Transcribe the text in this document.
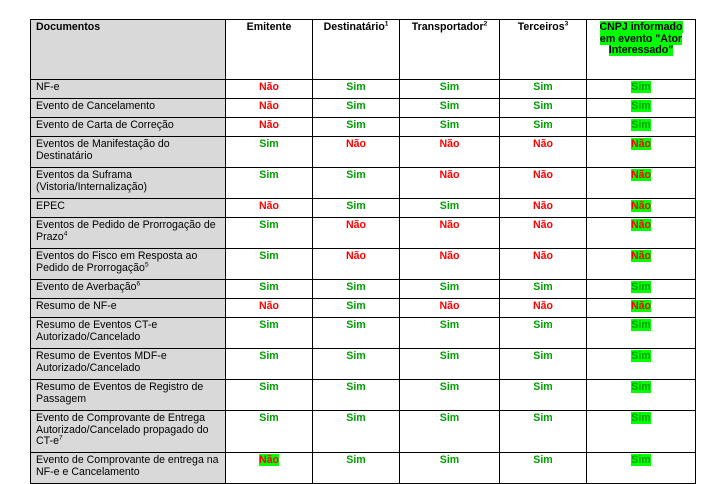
Documentos	Emitente	Destinatário$^1$	Transportador$^2$	Terceiros$^3$	CNPJ informado em evento "Ator Interessado"
NF-e	Não	Sim	Sim	Sim	Sim
Evento de Cancelamento	Não	Sim	Sim	Sim	Sim
Evento de Carta de Correção	Não	Sim	Sim	Sim	Sim
Eventos de Manifestação do Destinatário	Sim	Não	Não	Não	Não
Eventos da Suframa (Vistoria/Internalização)	Sim	Sim	Não	Não	Não
EPEC	Não	Sim	Sim	Não	Não
Eventos de Pedido de Prorrogação de Prazo$^4$	Sim	Não	Não	Não	Não
Eventos do Fisco em Resposta ao Pedido de Prorrogação$^5$	Sim	Não	Não	Não	Não
Evento de Averbação$^6$	Sim	Sim	Sim	Sim	Sim
Resumo de NF-e	Não	Sim	Não	Não	Não
Resumo de Eventos CT-e Autorizado/Cancelado	Sim	Sim	Sim	Sim	Sim
Resumo de Eventos MDF-e Autorizado/Cancelado	Sim	Sim	Sim	Sim	Sim
Resumo de Eventos de Registro de Passagem	Sim	Sim	Sim	Sim	Sim
Evento de Comprovante de Entrega Autorizado/Cancelado propagado do $CT-e^7$	Sim	Sim	Sim	Sim	Sim
Evento de Comprovante de entrega na NF-e e Cancelamento	Não	Sim	Sim	Sim	Sim
